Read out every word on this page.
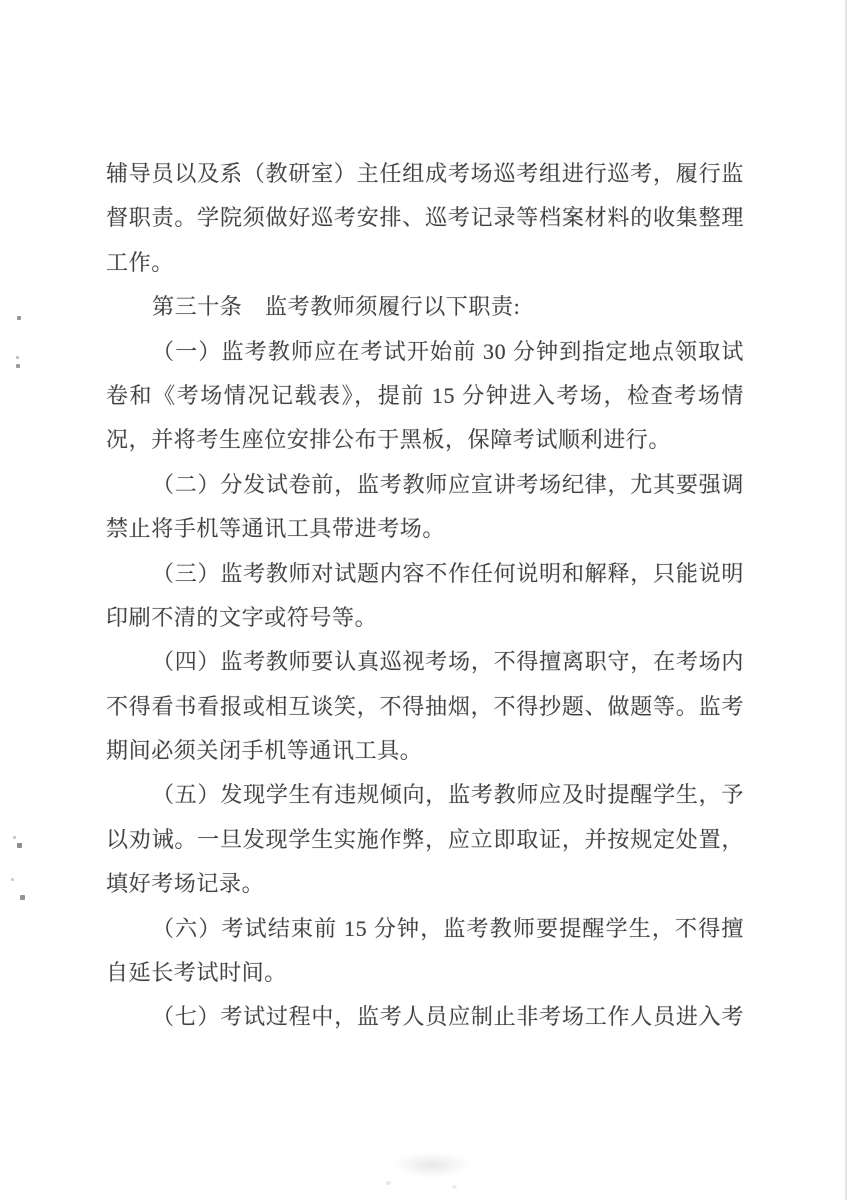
辅导员以及系（教研室）主任组成考场巡考组进行巡考，履行监
督职责。学院须做好巡考安排、巡考记录等档案材料的收集整理
工作。
第三十条　监考教师须履行以下职责:
（一）监考教师应在考试开始前 30 分钟到指定地点领取试
卷和《考场情况记载表》，提前 15 分钟进入考场，检查考场情
况，并将考生座位安排公布于黑板，保障考试顺利进行。
（二）分发试卷前，监考教师应宣讲考场纪律，尤其要强调
禁止将手机等通讯工具带进考场。
（三）监考教师对试题内容不作任何说明和解释，只能说明
印刷不清的文字或符号等。
（四）监考教师要认真巡视考场，不得擅离职守，在考场内
不得看书看报或相互谈笑，不得抽烟，不得抄题、做题等。监考
期间必须关闭手机等通讯工具。
（五）发现学生有违规倾向，监考教师应及时提醒学生，予
以劝诫。一旦发现学生实施作弊，应立即取证，并按规定处置，
填好考场记录。
（六）考试结束前 15 分钟，监考教师要提醒学生，不得擅
自延长考试时间。
（七）考试过程中，监考人员应制止非考场工作人员进入考
